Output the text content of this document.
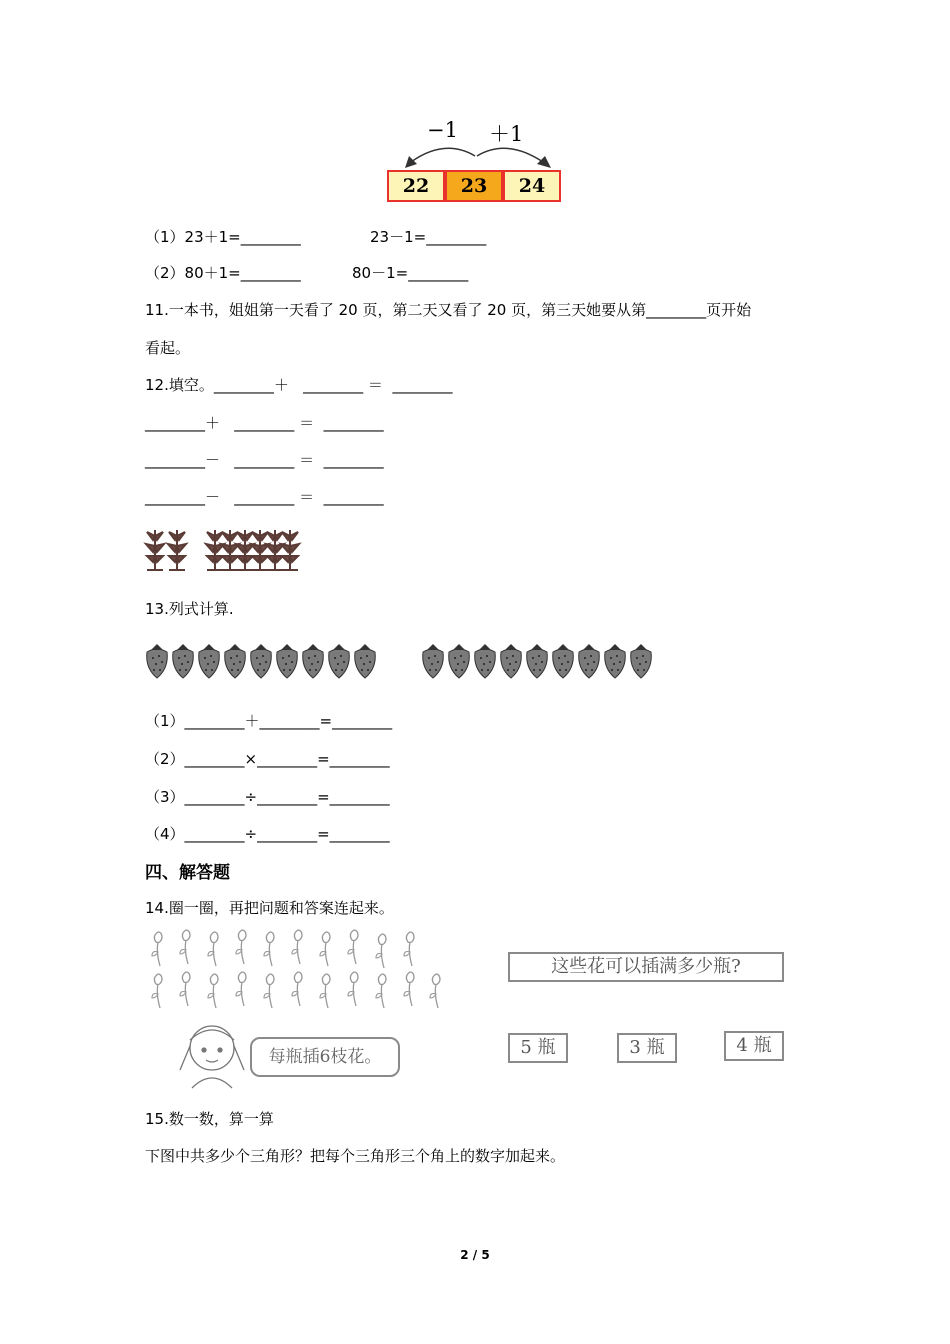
−1 ＋1
22	23	24
（1）23＋1=________	23－1=________
（2）80＋1=________	80－1=________
11.一本书，姐姐第一天看了 20 页，第二天又看了 20 页，第三天她要从第________页开始
看起。
12.填空。________＋   ________ ＝  ________
________＋   ________ ＝  ________
________－   ________ ＝  ________
________－   ________ ＝  ________
13.列式计算.
（1）________＋________=________
（2）________×________=________
（3）________÷________=________
（4）________÷________=________
四、解答题
14.圈一圈，再把问题和答案连起来。
每瓶插6枝花。
这些花可以插满多少瓶?
5 瓶	3 瓶	4 瓶
15.数一数，算一算
下图中共多少个三角形？把每个三角形三个角上的数字加起来。
2 / 5
